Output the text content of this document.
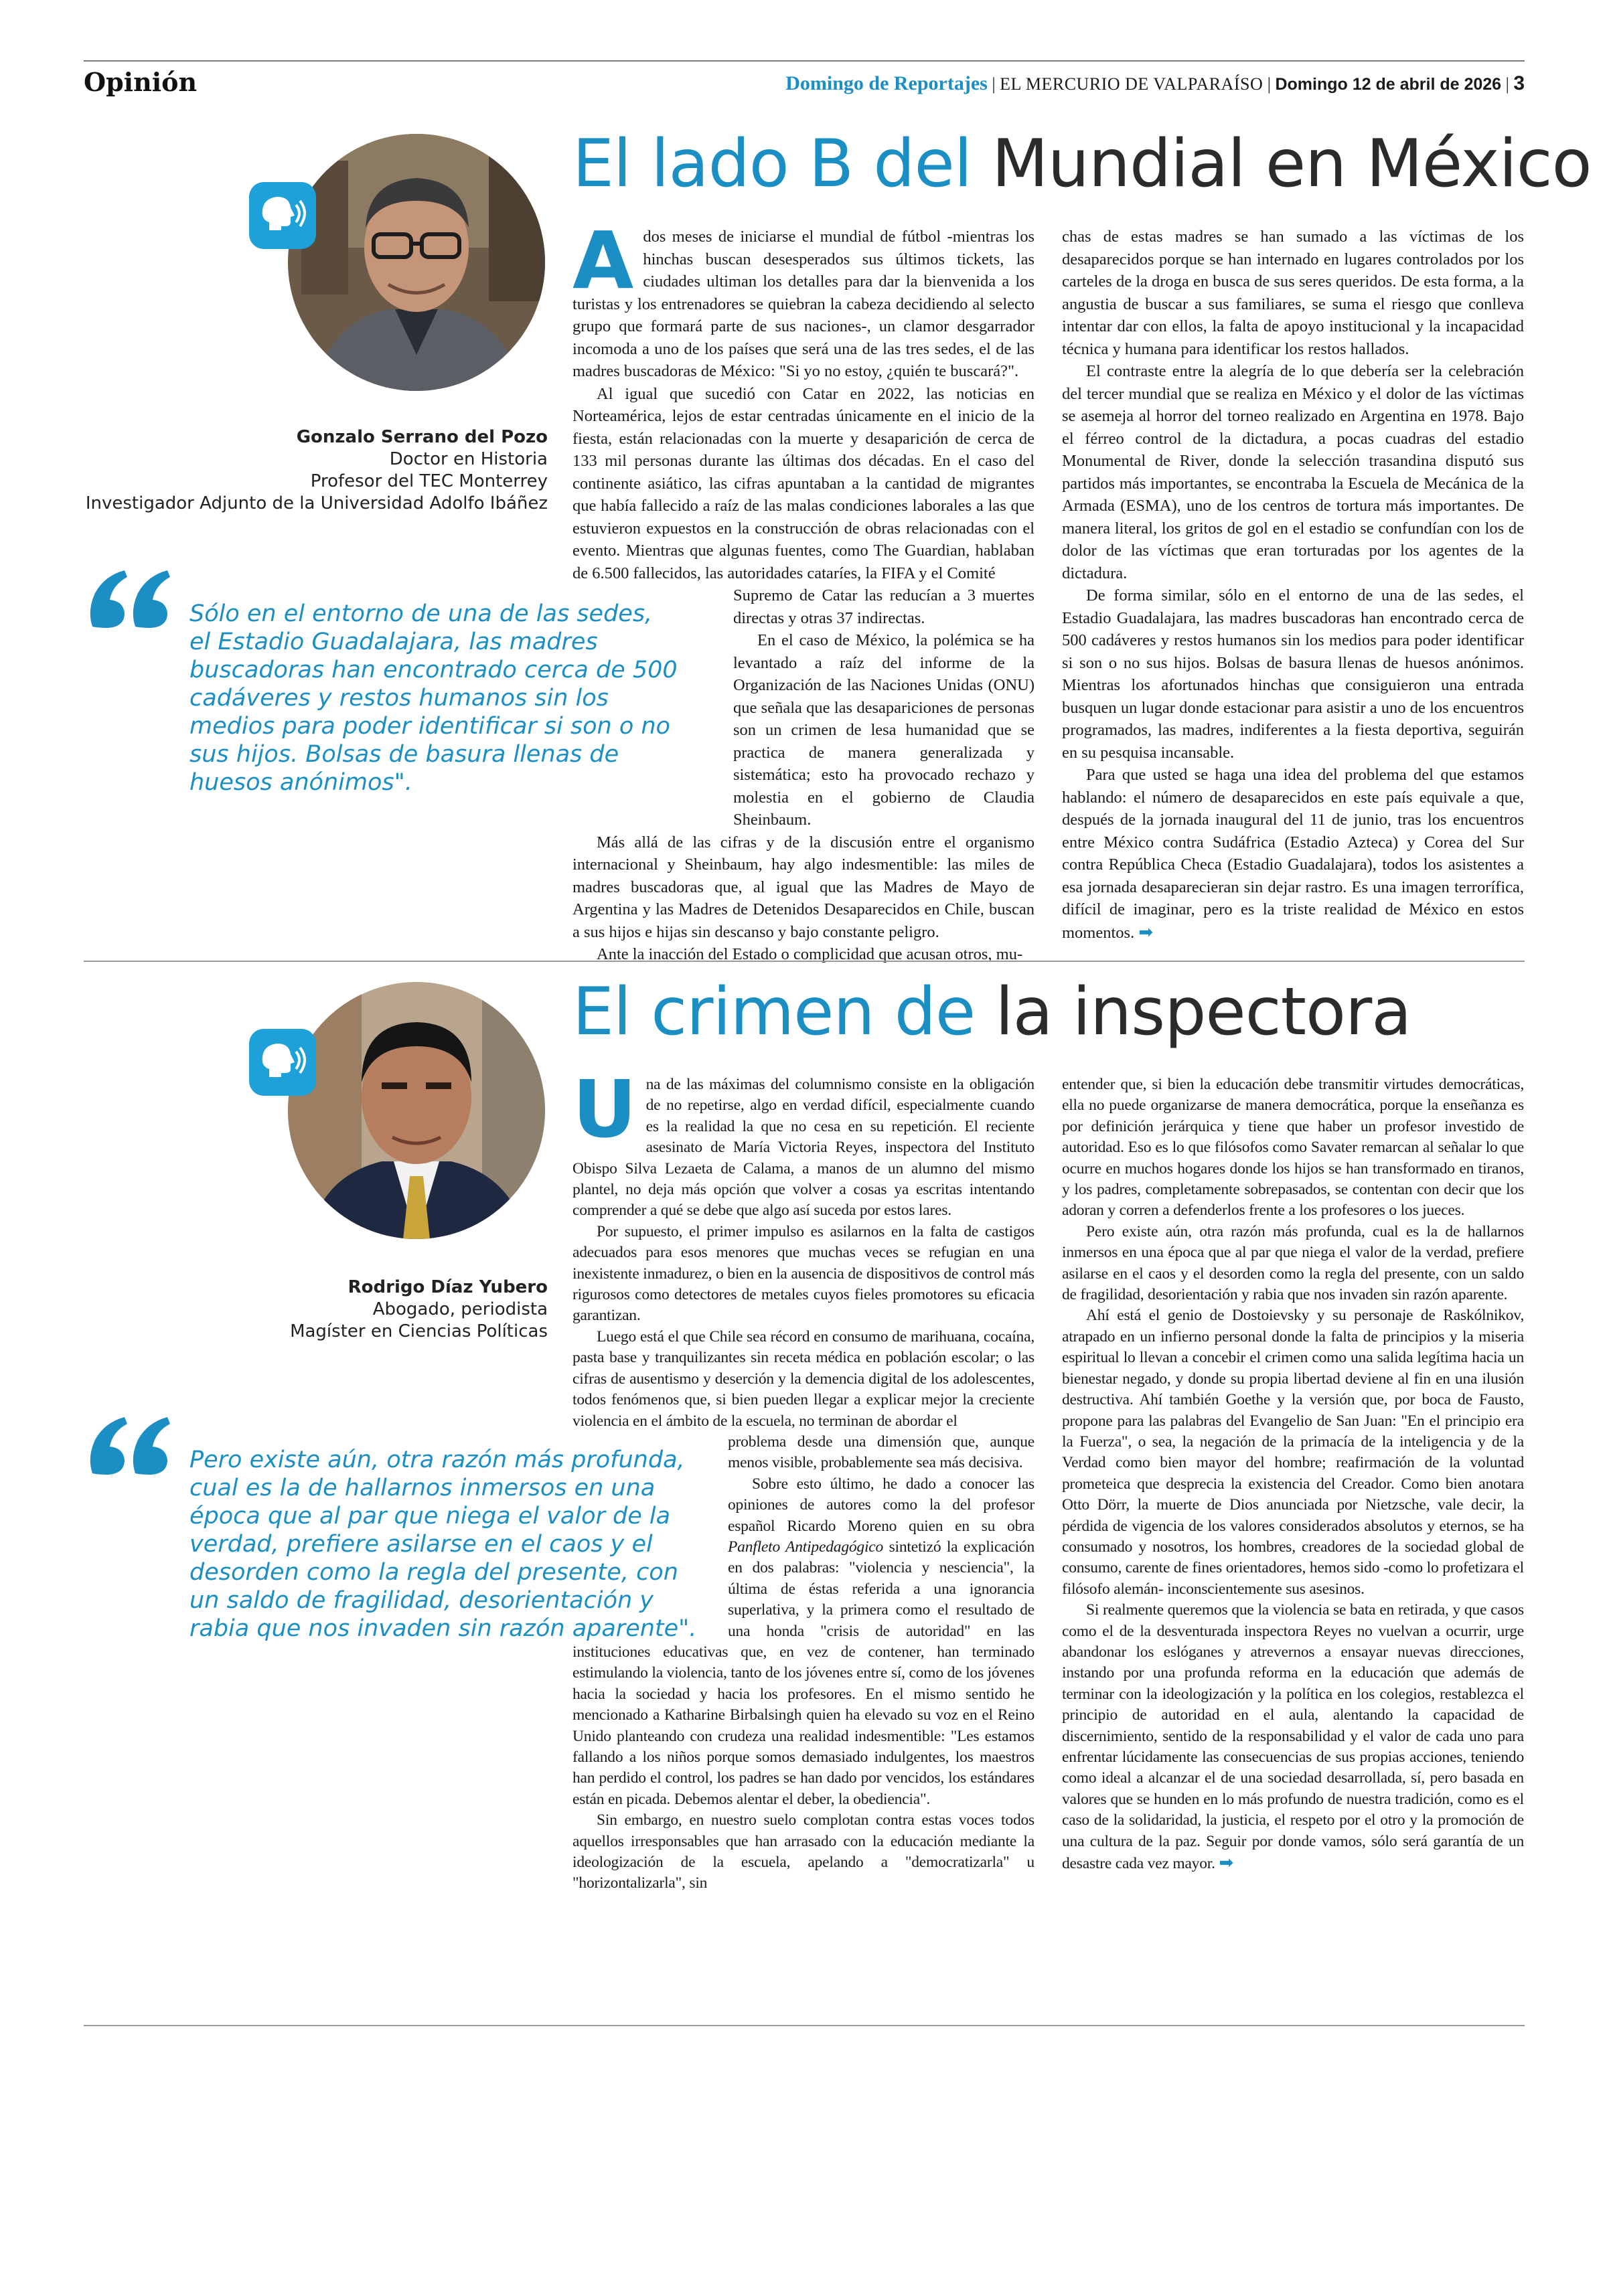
Opinión	Domingo de Reportajes | EL MERCURIO DE VALPARAÍSO | Domingo 12 de abril de 2026 | 3
Gonzalo Serrano del Pozo
Doctor en Historia
Profesor del TEC Monterrey
Investigador Adjunto de la Universidad Adolfo Ibáñez
Sólo en el entorno de una de las sedes, el Estadio Guadalajara, las madres buscadoras han encontrado cerca de 500 cadáveres y restos humanos sin los medios para poder identificar si son o no sus hijos. Bolsas de basura llenas de huesos anónimos".
El lado B del Mundial en México

Ados meses de iniciarse el mundial de fútbol -mientras los hinchas buscan desesperados sus últimos tickets, las ciudades ultiman los detalles para dar la bienvenida a los turistas y los entrenadores se quiebran la cabeza decidiendo al selecto grupo que formará parte de sus naciones-, un clamor desgarrador incomoda a uno de los países que será una de las tres sedes, el de las madres buscadoras de México: "Si yo no estoy, ¿quién te buscará?".

Al igual que sucedió con Catar en 2022, las noticias en Norteamérica, lejos de estar centradas únicamente en el inicio de la fiesta, están relacionadas con la muerte y desaparición de cerca de 133 mil personas durante las últimas dos décadas. En el caso del continente asiático, las cifras apuntaban a la cantidad de migrantes que había fallecido a raíz de las malas condiciones laborales a las que estuvieron expuestos en la construcción de obras relacionadas con el evento. Mientras que algunas fuentes, como The Guardian, hablaban de 6.500 fallecidos, las autoridades cataríes, la FIFA y el Comité

Supremo de Catar las reducían a 3 muertes directas y otras 37 indirectas.

En el caso de México, la polémica se ha levantado a raíz del informe de la Organización de las Naciones Unidas (ONU) que señala que las desapariciones de personas son un crimen de lesa humanidad que se practica de manera generalizada y sistemática; esto ha provocado rechazo y molestia en el gobierno de Claudia Sheinbaum.

Más allá de las cifras y de la discusión entre el organismo internacional y Sheinbaum, hay algo indesmentible: las miles de madres buscadoras que, al igual que las Madres de Mayo de Argentina y las Madres de Detenidos Desaparecidos en Chile, buscan a sus hijos e hijas sin descanso y bajo constante peligro.

Ante la inacción del Estado o complicidad que acusan otros, mu-

chas de estas madres se han sumado a las víctimas de los desaparecidos porque se han internado en lugares controlados por los carteles de la droga en busca de sus seres queridos. De esta forma, a la angustia de buscar a sus familiares, se suma el riesgo que conlleva intentar dar con ellos, la falta de apoyo institucional y la incapacidad técnica y humana para identificar los restos hallados.

El contraste entre la alegría de lo que debería ser la celebración del tercer mundial que se realiza en México y el dolor de las víctimas se asemeja al horror del torneo realizado en Argentina en 1978. Bajo el férreo control de la dictadura, a pocas cuadras del estadio Monumental de River, donde la selección trasandina disputó sus partidos más importantes, se encontraba la Escuela de Mecánica de la Armada (ESMA), uno de los centros de tortura más importantes. De manera literal, los gritos de gol en el estadio se confundían con los de dolor de las víctimas que eran torturadas por los agentes de la dictadura.

De forma similar, sólo en el entorno de una de las sedes, el Estadio Guadalajara, las madres buscadoras han encontrado cerca de 500 cadáveres y restos humanos sin los medios para poder identificar si son o no sus hijos. Bolsas de basura llenas de huesos anónimos. Mientras los afortunados hinchas que consiguieron una entrada busquen un lugar donde estacionar para asistir a uno de los encuentros programados, las madres, indiferentes a la fiesta deportiva, seguirán en su pesquisa incansable.

Para que usted se haga una idea del problema del que estamos hablando: el número de desaparecidos en este país equivale a que, después de la jornada inaugural del 11 de junio, tras los encuentros entre México contra Sudáfrica (Estadio Azteca) y Corea del Sur contra República Checa (Estadio Guadalajara), todos los asistentes a esa jornada desaparecieran sin dejar rastro. Es una imagen terrorífica, difícil de imaginar, pero es la triste realidad de México en estos momentos. ➡

Rodrigo Díaz Yubero
Abogado, periodista
Magíster en Ciencias Políticas
Pero existe aún, otra razón más profunda, cual es la de hallarnos inmersos en una época que al par que niega el valor de la verdad, prefiere asilarse en el caos y el desorden como la regla del presente, con un saldo de fragilidad, desorientación y rabia que nos invaden sin razón aparente".
El crimen de la inspectora

Una de las máximas del columnismo consiste en la obligación de no repetirse, algo en verdad difícil, especialmente cuando es la realidad la que no cesa en su repetición. El reciente asesinato de María Victoria Reyes, inspectora del Instituto Obispo Silva Lezaeta de Calama, a manos de un alumno del mismo plantel, no deja más opción que volver a cosas ya escritas intentando comprender a qué se debe que algo así suceda por estos lares.

Por supuesto, el primer impulso es asilarnos en la falta de castigos adecuados para esos menores que muchas veces se refugian en una inexistente inmadurez, o bien en la ausencia de dispositivos de control más rigurosos como detectores de metales cuyos fieles promotores su eficacia garantizan.

Luego está el que Chile sea récord en consumo de marihuana, cocaína, pasta base y tranquilizantes sin receta médica en población escolar; o las cifras de ausentismo y deserción y la demencia digital de los adolescentes, todos fenómenos que, si bien pueden llegar a explicar mejor la creciente violencia en el ámbito de la escuela, no terminan de abordar el

problema desde una dimensión que, aunque menos visible, probablemente sea más decisiva.

Sobre esto último, he dado a conocer las opiniones de autores como la del profesor español Ricardo Moreno quien en su obra Panfleto Antipedagógico sintetizó la explicación en dos palabras: "violencia y nesciencia", la última de éstas referida a una ignorancia superlativa, y la primera como el resultado de una honda "crisis de autoridad" en las instituciones educativas que, en vez de contener, han terminado estimulando la violencia, tanto de los jóvenes entre sí, como de los jóvenes hacia la sociedad y hacia los profesores. En el mismo sentido he mencionado a Katharine Birbalsingh quien ha elevado su voz en el Reino Unido planteando con crudeza una realidad indesmentible: "Les estamos fallando a los niños porque somos demasiado indulgentes, los maestros han perdido el control, los padres se han dado por vencidos, los estándares están en picada. Debemos alentar el deber, la obediencia".

Sin embargo, en nuestro suelo complotan contra estas voces todos aquellos irresponsables que han arrasado con la educación mediante la ideologización de la escuela, apelando a "democratizarla" u "horizontalizarla", sin

entender que, si bien la educación debe transmitir virtudes democráticas, ella no puede organizarse de manera democrática, porque la enseñanza es por definición jerárquica y tiene que haber un profesor investido de autoridad. Eso es lo que filósofos como Savater remarcan al señalar lo que ocurre en muchos hogares donde los hijos se han transformado en tiranos, y los padres, completamente sobrepasados, se contentan con decir que los adoran y corren a defenderlos frente a los profesores o los jueces.

Pero existe aún, otra razón más profunda, cual es la de hallarnos inmersos en una época que al par que niega el valor de la verdad, prefiere asilarse en el caos y el desorden como la regla del presente, con un saldo de fragilidad, desorientación y rabia que nos invaden sin razón aparente.

Ahí está el genio de Dostoievsky y su personaje de Raskólnikov, atrapado en un infierno personal donde la falta de principios y la miseria espiritual lo llevan a concebir el crimen como una salida legítima hacia un bienestar negado, y donde su propia libertad deviene al fin en una ilusión destructiva. Ahí también Goethe y la versión que, por boca de Fausto, propone para las palabras del Evangelio de San Juan: "En el principio era la Fuerza", o sea, la negación de la primacía de la inteligencia y de la Verdad como bien mayor del hombre; reafirmación de la voluntad prometeica que desprecia la existencia del Creador. Como bien anotara Otto Dörr, la muerte de Dios anunciada por Nietzsche, vale decir, la pérdida de vigencia de los valores considerados absolutos y eternos, se ha consumado y nosotros, los hombres, creadores de la sociedad global de consumo, carente de fines orientadores, hemos sido -como lo profetizara el filósofo alemán- inconscientemente sus asesinos.

Si realmente queremos que la violencia se bata en retirada, y que casos como el de la desventurada inspectora Reyes no vuelvan a ocurrir, urge abandonar los eslóganes y atrevernos a ensayar nuevas direcciones, instando por una profunda reforma en la educación que además de terminar con la ideologización y la política en los colegios, restablezca el principio de autoridad en el aula, alentando la capacidad de discernimiento, sentido de la responsabilidad y el valor de cada uno para enfrentar lúcidamente las consecuencias de sus propias acciones, teniendo como ideal a alcanzar el de una sociedad desarrollada, sí, pero basada en valores que se hunden en lo más profundo de nuestra tradición, como es el caso de la solidaridad, la justicia, el respeto por el otro y la promoción de una cultura de la paz. Seguir por donde vamos, sólo será garantía de un desastre cada vez mayor. ➡
